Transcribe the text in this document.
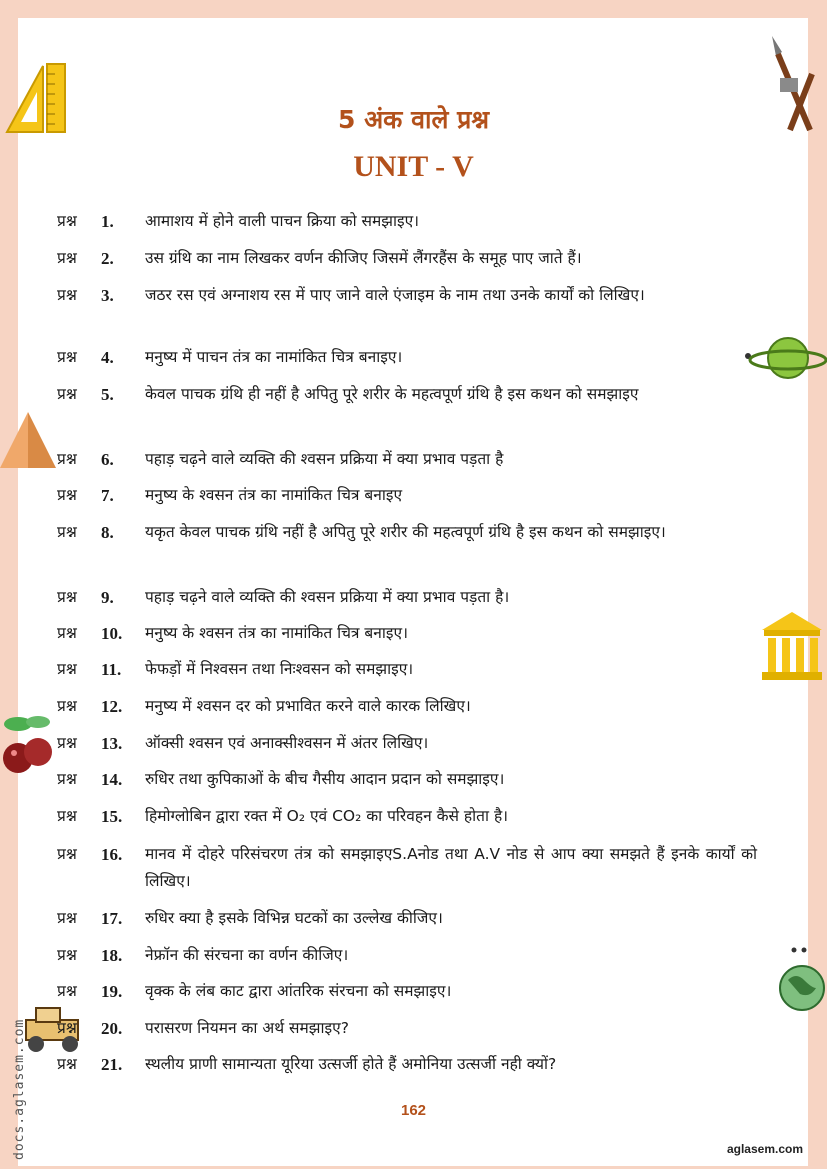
5 अंक वाले प्रश्न
UNIT - V
प्रश्न 1. आमाशय में होने वाली पाचन क्रिया को समझाइए।
प्रश्न 2. उस ग्रंथि का नाम लिखकर वर्णन कीजिए जिसमें लैंगरहैंस के समूह पाए जाते हैं।
प्रश्न 3. जठर रस एवं अग्नाशय रस में पाए जाने वाले एंजाइम के नाम तथा उनके कार्यों को लिखिए।
प्रश्न 4. मनुष्य में पाचन तंत्र का नामांकित चित्र बनाइए।
प्रश्न 5. केवल पाचक ग्रंथि ही नहीं है अपितु पूरे शरीर के महत्वपूर्ण ग्रंथि है इस कथन को समझाइए
प्रश्न 6. पहाड़ चढ़ने वाले व्यक्ति की श्वसन प्रक्रिया में क्या प्रभाव पड़ता है
प्रश्न 7. मनुष्य के श्वसन तंत्र का नामांकित चित्र बनाइए
प्रश्न 8. यकृत केवल पाचक ग्रंथि नहीं है अपितु पूरे शरीर की महत्वपूर्ण ग्रंथि है इस कथन को समझाइए।
प्रश्न 9. पहाड़ चढ़ने वाले व्यक्ति की श्वसन प्रक्रिया में क्या प्रभाव पड़ता है।
प्रश्न 10. मनुष्य के श्वसन तंत्र का नामांकित चित्र बनाइए।
प्रश्न 11. फेफड़ों में निश्वसन तथा निःश्वसन को समझाइए।
प्रश्न 12. मनुष्य में श्वसन दर को प्रभावित करने वाले कारक लिखिए।
प्रश्न 13. ऑक्सी श्वसन एवं अनाक्सीश्वसन में अंतर लिखिए।
प्रश्न 14. रुधिर तथा कुपिकाओं के बीच गैसीय आदान प्रदान को समझाइए।
प्रश्न 15. हिमोग्लोबिन द्वारा रक्त में O₂ एवं CO₂ का परिवहन कैसे होता है।
प्रश्न 16. मानव में दोहरे परिसंचरण तंत्र को समझाइएS.Aनोड तथा A.V नोड से आप क्या समझते हैं इनके कार्यों को लिखिए।
प्रश्न 17. रुधिर क्या है इसके विभिन्न घटकों का उल्लेख कीजिए।
प्रश्न 18. नेफ्रॉन की संरचना का वर्णन कीजिए।
प्रश्न 19. वृक्क के लंब काट द्वारा आंतरिक संरचना को समझाइए।
प्रश्न 20. परासरण नियमन का अर्थ समझाइए?
प्रश्न 21. स्थलीय प्राणी सामान्यता यूरिया उत्सर्जी होते हैं अमोनिया उत्सर्जी नही क्यों?
162
aglasem.com
docs.aglasem.com
